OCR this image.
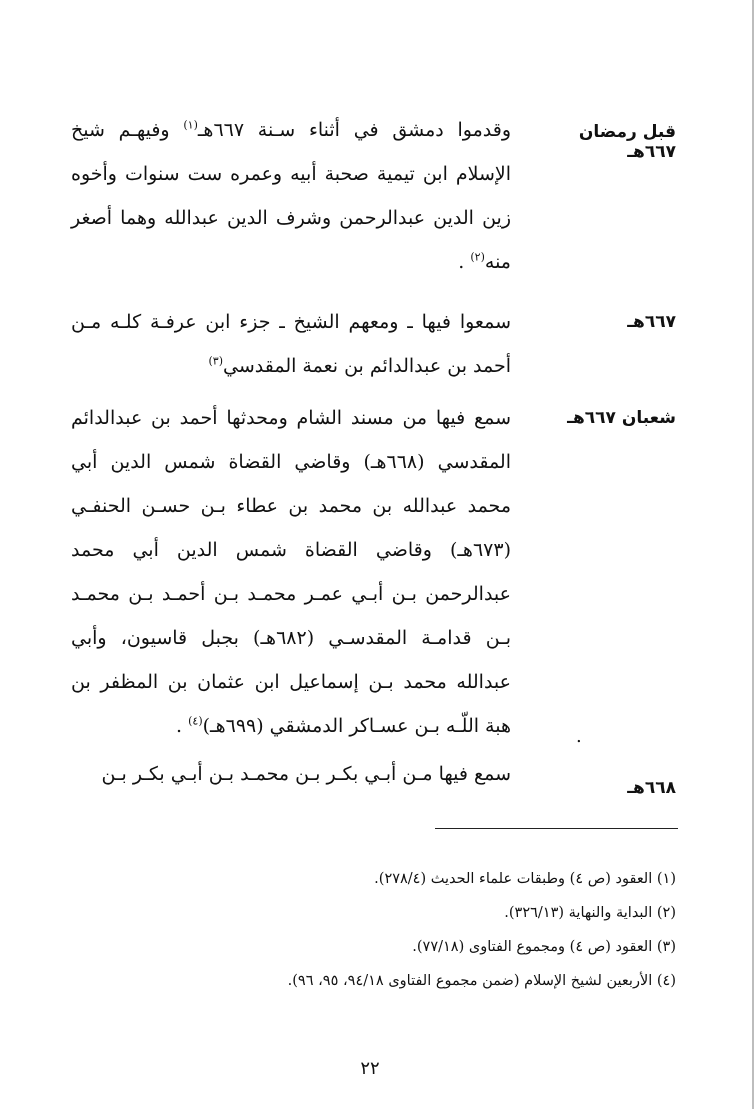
قبل رمضان ٦٦٧هـ
وقدموا دمشق في أثناء سـنة ٦٦٧هـ$^{(١)}$ وفيهـم شيخ الإسلام ابن تيمية صحبة أبيه وعمره ست سنوات وأخوه زين الدين عبدالرحمن وشرف الدين عبدالله وهما أصغر منه$^{(٢)}$ .
٦٦٧هـ
سمعوا فيها ـ ومعهم الشيخ ـ جزء ابن عرفـة كلـه مـن أحمد بن عبدالدائم بن نعمة المقدسي$^{(٣)}$
شعبان ٦٦٧هـ
سمع فيها من مسند الشام ومحدثها أحمد بن عبدالدائم المقدسي (٦٦٨هـ) وقاضي القضاة شمس الدين أبي محمد عبدالله بن محمد بن عطاء بـن حسـن الحنفـي (٦٧٣هـ) وقاضي القضاة شمس الدين أبي محمد عبدالرحمن بـن أبـي عمـر محمـد بـن أحمـد بـن محمـد بـن قدامـة المقدسـي (٦٨٢هـ) بجبل قاسيون، وأبي عبدالله محمد بـن إسماعيل ابن عثمان بن المظفر بن هبة اللّـه بـن عسـاكر الدمشقي (٦٩٩هـ)$^{(٤)}$ .	.
٦٦٨هـ
سمع فيها مـن أبـي بكـر بـن محمـد بـن أبـي بكـر بـن
(١) العقود (ص ٤) وطبقات علماء الحديث (٢٧٨/٤).
(٢) البداية والنهاية (٣٢٦/١٣).
(٣) العقود (ص ٤) ومجموع الفتاوى (٧٧/١٨).
(٤) الأربعين لشيخ الإسلام (ضمن مجموع الفتاوى ٩٤/١٨، ٩٥، ٩٦).
٢٢
